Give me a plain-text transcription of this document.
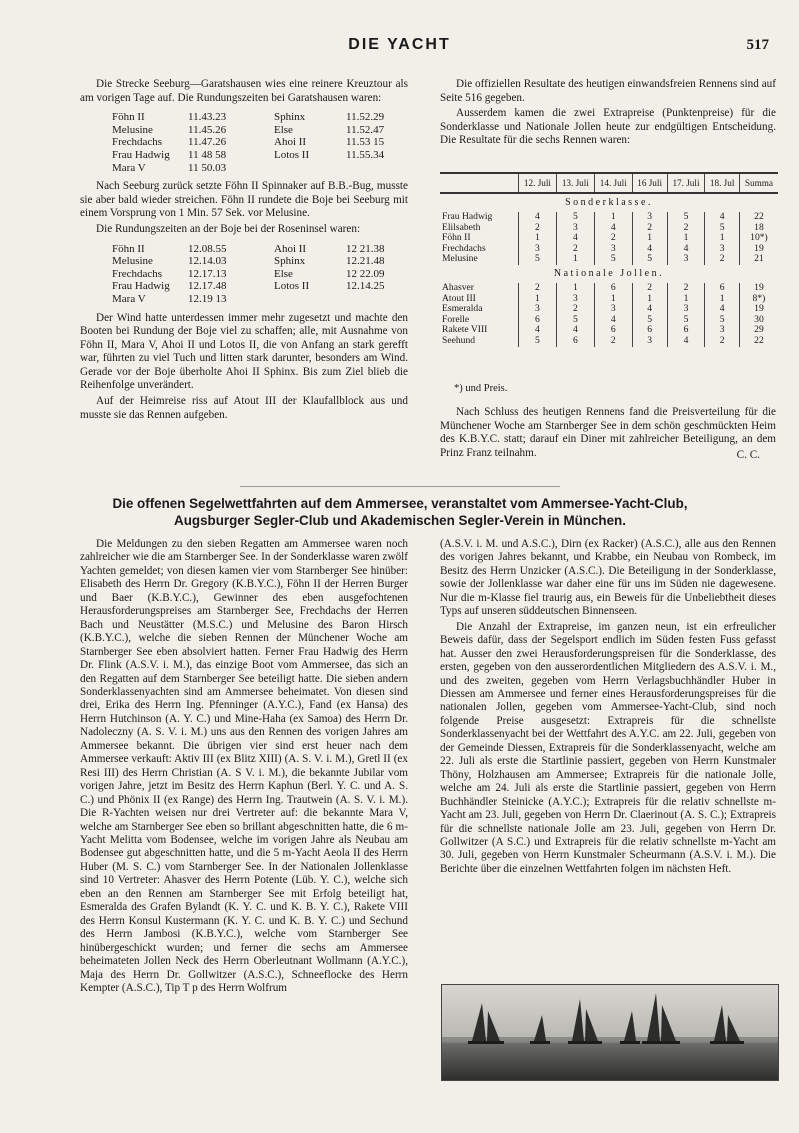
DIE YACHT	517

Die Strecke Seeburg—Garatshausen wies eine reinere Kreuztour als am vorigen Tage auf. Die Rundungszeiten bei Garatshausen waren:

Föhn II	11.43.23	Sphinx	11.52.29
Melusine	11.45.26	Else	11.52.47
Frechdachs	11.47.26	Ahoi II	11.53 15
Frau Hadwig	11 48 58	Lotos II	11.55.34
Mara V	11 50.03		

Nach Seeburg zurück setzte Föhn II Spinnaker auf B.B.-Bug, musste sie aber bald wieder streichen. Föhn II rundete die Boje bei Seeburg mit einem Vorsprung von 1 Min. 57 Sek. vor Melusine.

Die Rundungszeiten an der Boje bei der Roseninsel waren:

Föhn II	12.08.55	Ahoi II	12 21.38
Melusine	12.14.03	Sphinx	12.21.48
Frechdachs	12.17.13	Else	12 22.09
Frau Hadwig	12.17.48	Lotos II	12.14.25
Mara V	12.19 13		

Der Wind hatte unterdessen immer mehr zugesetzt und machte den Booten bei Rundung der Boje viel zu schaffen; alle, mit Ausnahme von Föhn II, Mara V, Ahoi II und Lotos II, die von Anfang an stark gerefft war, führten zu viel Tuch und litten stark darunter, besonders am Wind. Gerade vor der Boje überholte Ahoi II Sphinx. Bis zum Ziel blieb die Reihenfolge unverändert.

Auf der Heimreise riss auf Atout III der Klaufallblock aus und musste sie das Rennen aufgeben.

Die offiziellen Resultate des heutigen einwandsfreien Rennens sind auf Seite 516 gegeben.

Ausserdem kamen die zwei Extrapreise (Punktenpreise) für die Sonderklasse und Nationale Jollen heute zur endgültigen Entscheidung. Die Resultate für die sechs Rennen waren:

	12. Juli	13. Juli	14. Juli	16 Juli	17. Juli	18. Jul	Summa
Sonderklasse.							
Frau Hadwig	4	5	1	3	5	4	22
Elilsabeth	2	3	4	2	2	5	18
Föhn II	1	4	2	1	1	1	10*)
Frechdachs	3	2	3	4	4	3	19
Melusine	5	1	5	5	3	2	21
Nationale Jollen.							
Ahasver	2	1	6	2	2	6	19
Atout III	1	3	1	1	1	1	8*)
Esmeralda	3	2	3	4	3	4	19
Forelle	6	5	4	5	5	5	30
Rakete VIII	4	4	6	6	6	3	29
Seehund	5	6	2	3	4	2	22
*) und Preis.

Nach Schluss des heutigen Rennens fand die Preisverteilung für die Münchener Woche am Starnberger See in dem schön geschmückten Heim des K.B.Y.C. statt; darauf ein Diner mit zahlreicher Beteiligung, an dem Prinz Franz teilnahm.	C. C.
Die offenen Segelwettfahrten auf dem Ammersee, veranstaltet vom Ammersee-Yacht-Club,
Augsburger Segler-Club und Akademischen Segler-Verein in München.

Die Meldungen zu den sieben Regatten am Ammersee waren noch zahlreicher wie die am Starnberger See. In der Sonderklasse waren zwölf Yachten gemeldet; von diesen kamen vier vom Starnberger See hinüber: Elisabeth des Herrn Dr. Gregory (K.B.Y.C.), Föhn II der Herren Burger und Baer (K.B.Y.C.), Gewinner des eben ausgefochtenen Herausforderungspreises am Starnberger See, Frechdachs der Herren Bach und Neustätter (M.S.C.) und Melusine des Baron Hirsch (K.B.Y.C.), welche die sieben Rennen der Münchener Woche am Starnberger See eben absolviert hatten. Ferner Frau Hadwig des Herrn Dr. Flink (A.S.V. i. M.), das einzige Boot vom Ammersee, das sich an den Regatten auf dem Starnberger See beteiligt hatte. Die sieben andern Sonderklassenyachten sind am Ammersee beheimatet. Von diesen sind drei, Erika des Herrn Ing. Pfenninger (A.Y.C.), Fand (ex Hansa) des Herrn Hutchinson (A. Y. C.) und Mine-Haha (ex Samoa) des Herrn Dr. Nadoleczny (A. S. V. i. M.) uns aus den Rennen des vorigen Jahres am Ammersee bekannt. Die übrigen vier sind erst heuer nach dem Ammersee verkauft: Aktiv III (ex Blitz XIII) (A. S. V. i. M.), Gretl II (ex Resi III) des Herrn Christian (A. S V. i. M.), die bekannte Jubilar vom vorigen Jahre, jetzt im Besitz des Herrn Kaphun (Berl. Y. C. und A. S. C.) und Phönix II (ex Range) des Herrn Ing. Trautwein (A. S. V. i. M.). Die R-Yachten weisen nur drei Vertreter auf: die bekannte Mara V, welche am Starnberger See eben so brillant abgeschnitten hatte, die 6 m-Yacht Melitta vom Bodensee, welche im vorigen Jahre als Neubau am Bodensee gut abgeschnitten hatte, und die 5 m-Yacht Aeola II des Herrn Huber (M. S. C.) vom Starnberger See. In der Nationalen Jollenklasse sind 10 Vertreter: Ahasver des Herrn Potente (Lüb. Y. C.), welche sich eben an den Rennen am Starnberger See mit Erfolg beteiligt hat, Esmeralda des Grafen Bylandt (K. Y. C. und K. B. Y. C.), Rakete VIII des Herrn Konsul Kustermann (K. Y. C. und K. B. Y. C.) und Sechund des Herrn Jambosi (K.B.Y.C.), welche vom Starnberger See hinübergeschickt wurden; und ferner die sechs am Ammersee beheimateten Jollen Neck des Herrn Oberleutnant Wollmann (A.Y.C.), Maja des Herrn Dr. Gollwitzer (A.S.C.), Schneeflocke des Herrn Kempter (A.S.C.), Tip T p des Herrn Wolfrum

(A.S.V. i. M. und A.S.C.), Dirn (ex Racker) (A.S.C.), alle aus den Rennen des vorigen Jahres bekannt, und Krabbe, ein Neubau von Rombeck, im Besitz des Herrn Unzicker (A.S.C.). Die Beteiligung in der Sonderklasse, sowie der Jollenklasse war daher eine für uns im Süden nie dagewesene. Nur die m-Klasse fiel traurig aus, ein Beweis für die Unbeliebtheit dieses Typs auf unseren süddeutschen Binnenseen.

Die Anzahl der Extrapreise, im ganzen neun, ist ein erfreulicher Beweis dafür, dass der Segelsport endlich im Süden festen Fuss gefasst hat. Ausser den zwei Herausforderungspreisen für die Sonderklasse, des ersten, gegeben von den ausserordentlichen Mitgliedern des A.S.V. i. M., und des zweiten, gegeben vom Herrn Verlagsbuchhändler Huber in Diessen am Ammersee und ferner eines Herausforderungspreises für die nationalen Jollen, gegeben vom Ammersee-Yacht-Club, sind noch folgende Preise ausgesetzt: Extrapreis für die schnellste Sonderklassenyacht bei der Wettfahrt des A.Y.C. am 22. Juli, gegeben von der Gemeinde Diessen, Extrapreis für die Sonderklassenyacht, welche am 22. Juli als erste die Startlinie passiert, gegeben von Herrn Kunstmaler Thöny, Holzhausen am Ammersee; Extrapreis für die nationale Jolle, welche am 24. Juli als erste die Startlinie passiert, gegeben von Herrn Buchhändler Steinicke (A.Y.C.); Extrapreis für die relativ schnellste m-Yacht am 23. Juli, gegeben von Herrn Dr. Claerinout (A. S. C.); Extrapreis für die schnellste nationale Jolle am 23. Juli, gegeben von Herrn Dr. Gollwitzer (A S.C.) und Extrapreis für die relativ schnellste m-Yacht am 30. Juli, gegeben von Herrn Kunstmaler Scheurmann (A.S.V. i. M.). Die Berichte über die einzelnen Wettfahrten folgen im nächsten Heft.
